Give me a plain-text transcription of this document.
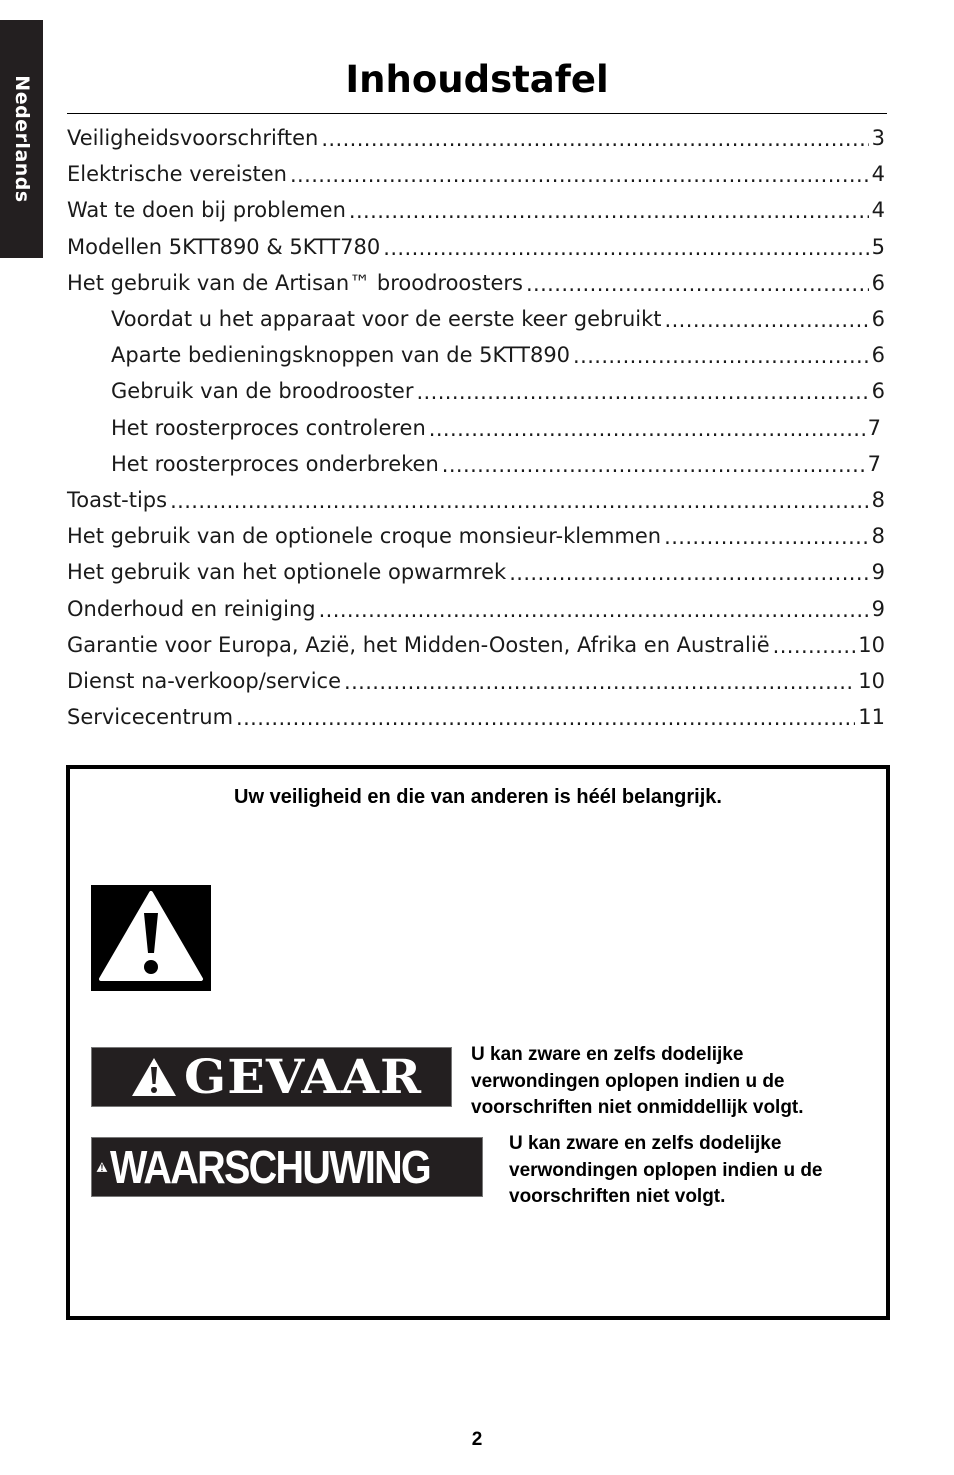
Nederlands	Inhoudstafel
Veiligheidsvoorschriften .....	3
Elektrische vereisten .....	4
Wat te doen bij problemen .....	4
Modellen 5KTT890 & 5KTT780 .....	5
Het gebruik van de Artisan™ broodroosters .....	6
Voordat u het apparaat voor de eerste keer gebruikt .....	6
Aparte bedieningsknoppen van de 5KTT890 .....	6
Gebruik van de broodrooster .....	6
Het roosterproces controleren .....	7
Het roosterproces onderbreken .....	7
Toast-tips .....	8
Het gebruik van de optionele croque monsieur-klemmen .....	8
Het gebruik van het optionele opwarmrek .....	9
Onderhoud en reiniging .....	9
Garantie voor Europa, Azië, het Midden-Oosten, Afrika en Australië .....	10
Dienst na-verkoop/service .....	10
Servicecentrum .....	11
Uw veiligheid en die van anderen is héél belangrijk.
GEVAAR	U kan zware en zelfs dodelijke verwondingen oplopen indien u de voorschriften niet onmiddellijk volgt.

WAARSCHUWING	U kan zware en zelfs dodelijke verwondingen oplopen indien u de voorschriften niet volgt.

2
